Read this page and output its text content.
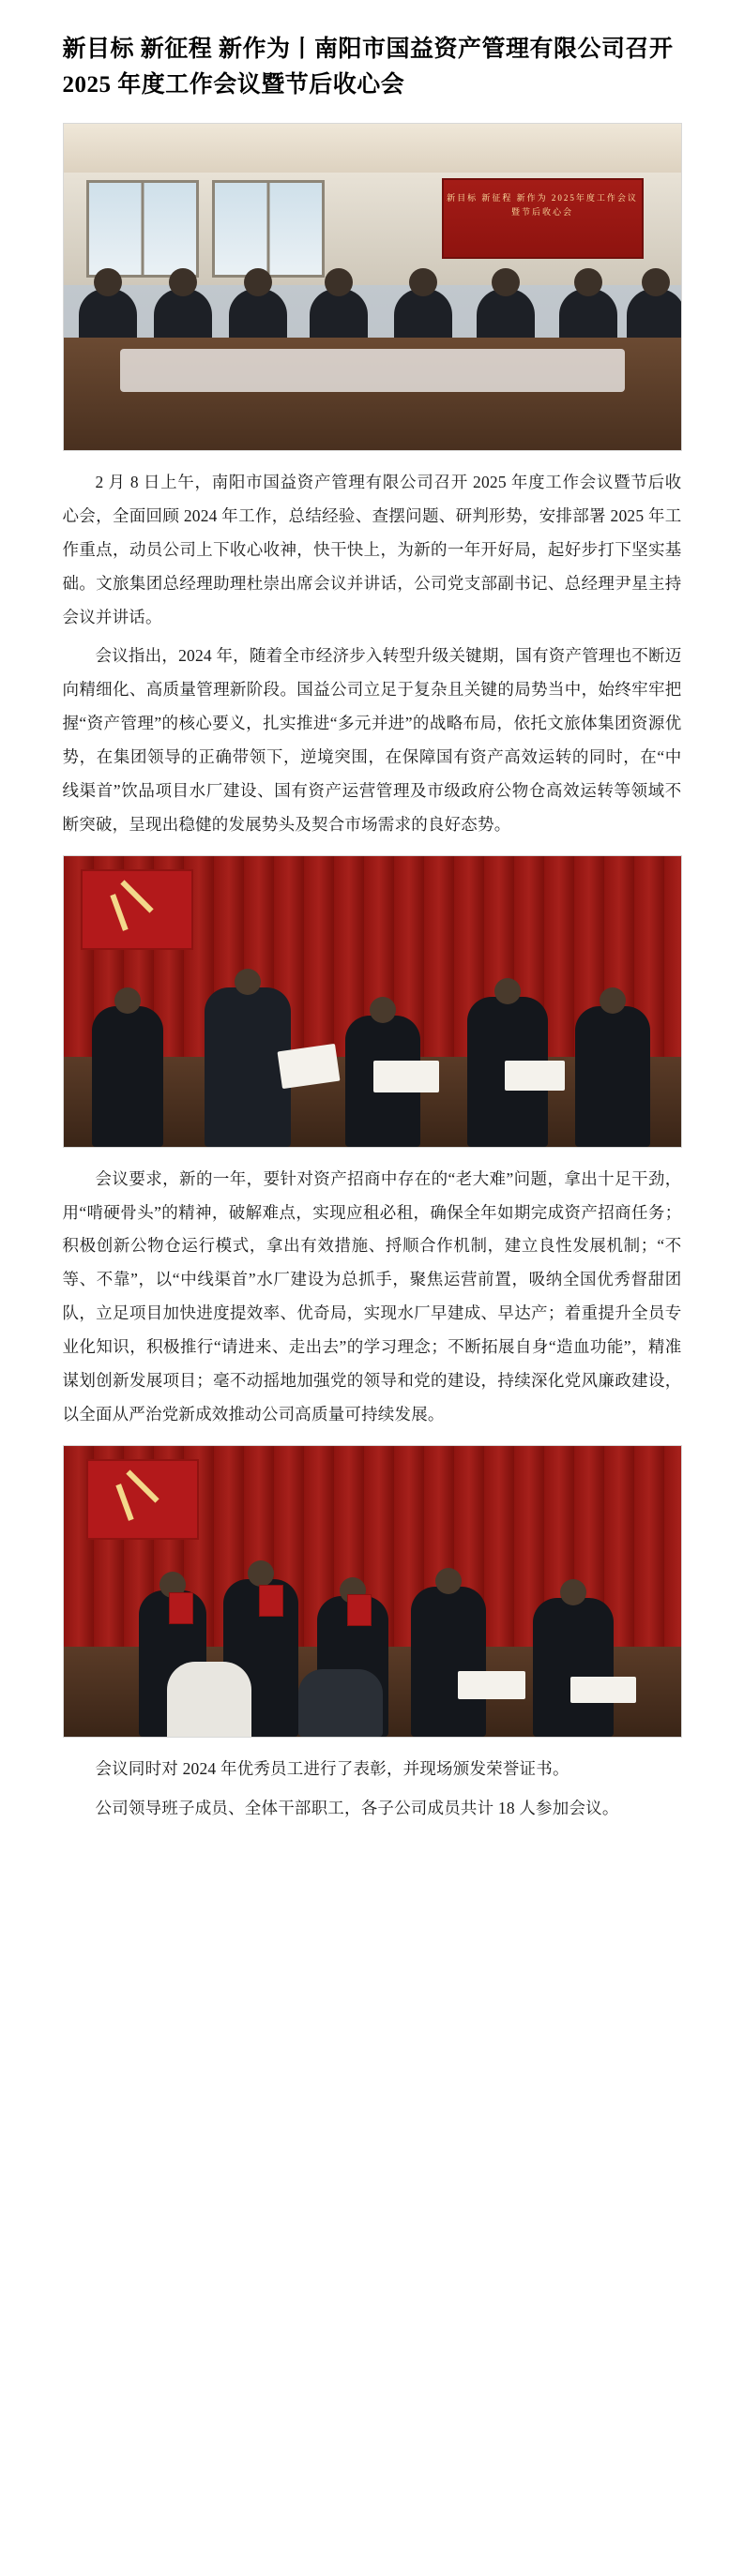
新目标 新征程 新作为丨南阳市国益资产管理有限公司召开 2025 年度工作会议暨节后收心会
新目标 新征程 新作为 2025年度工作会议暨节后收心会

2 月 8 日上午，南阳市国益资产管理有限公司召开 2025 年度工作会议暨节后收心会，全面回顾 2024 年工作，总结经验、查摆问题、研判形势，安排部署 2025 年工作重点，动员公司上下收心收神，快干快上，为新的一年开好局，起好步打下坚实基础。文旅集团总经理助理杜崇出席会议并讲话，公司党支部副书记、总经理尹星主持会议并讲话。

会议指出，2024 年，随着全市经济步入转型升级关键期，国有资产管理也不断迈向精细化、高质量管理新阶段。国益公司立足于复杂且关键的局势当中，始终牢牢把握“资产管理”的核心要义，扎实推进“多元并进”的战略布局，依托文旅体集团资源优势，在集团领导的正确带领下，逆境突围，在保障国有资产高效运转的同时，在“中线渠首”饮品项目水厂建设、国有资产运营管理及市级政府公物仓高效运转等领域不断突破，呈现出稳健的发展势头及契合市场需求的良好态势。

会议要求，新的一年，要针对资产招商中存在的“老大难”问题，拿出十足干劲，用“啃硬骨头”的精神，破解难点，实现应租必租，确保全年如期完成资产招商任务；积极创新公物仓运行模式，拿出有效措施、捋顺合作机制，建立良性发展机制；“不等、不靠”，以“中线渠首”水厂建设为总抓手，聚焦运营前置，吸纳全国优秀督甜团队，立足项目加快进度提效率、优奇局，实现水厂早建成、早达产；着重提升全员专业化知识，积极推行“请进来、走出去”的学习理念；不断拓展自身“造血功能”，精准谋划创新发展项目；毫不动摇地加强党的领导和党的建设，持续深化党风廉政建设，以全面从严治党新成效推动公司高质量可持续发展。

会议同时对 2024 年优秀员工进行了表彰，并现场颁发荣誉证书。

公司领导班子成员、全体干部职工，各子公司成员共计 18 人参加会议。
